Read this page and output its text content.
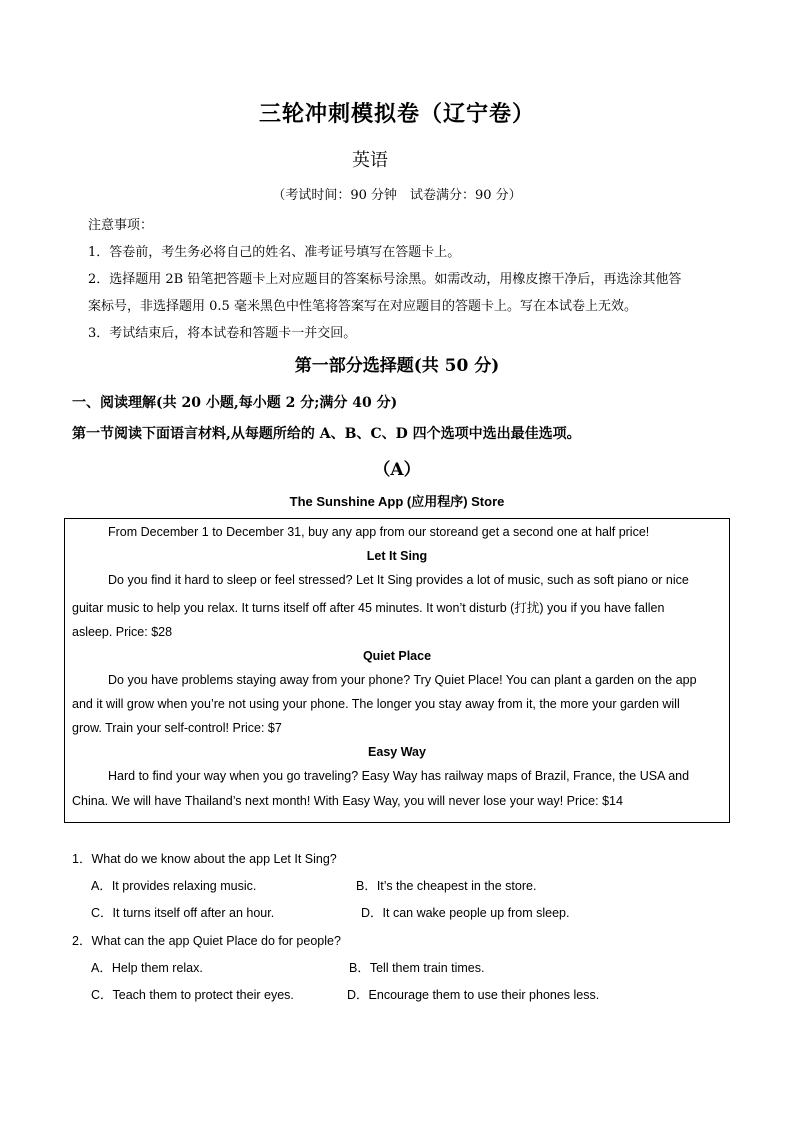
三轮冲刺模拟卷（辽宁卷）
英语
（考试时间：90 分钟　试卷满分：90 分）
注意事项：
1．答卷前，考生务必将自己的姓名、准考证号填写在答题卡上。
2．选择题用 2B 铅笔把答题卡上对应题目的答案标号涂黑。如需改动，用橡皮擦干净后，再选涂其他答
案标号，非选择题用 0.5 毫米黑色中性笔将答案写在对应题目的答题卡上。写在本试卷上无效。
3．考试结束后，将本试卷和答题卡一并交回。
第一部分选择题(共 50 分)
一、阅读理解(共 20 小题,每小题 2 分;满分 40 分)
第一节阅读下面语言材料,从每题所给的 A、B、C、D 四个选项中选出最佳选项。
（A）
The Sunshine App (应用程序) Store
From December 1 to December 31, buy any app from our storeand get a second one at half price!
Let It Sing
Do you find it hard to sleep or feel stressed? Let It Sing provides a lot of music, such as soft piano or nice
guitar music to help you relax. It turns itself off after 45 minutes. It won’t disturb (打扰) you if you have fallen
asleep. Price: $28
Quiet Place
Do you have problems staying away from your phone? Try Quiet Place! You can plant a garden on the app
and it will grow when you’re not using your phone. The longer you stay away from it, the more your garden will
grow. Train your self-control! Price: $7
Easy Way
Hard to find your way when you go traveling? Easy Way has railway maps of Brazil, France, the USA and
China. We will have Thailand’s next month! With Easy Way, you will never lose your way! Price: $14
1．What do we know about the app Let It Sing?
A．It provides relaxing music.	B．It’s the cheapest in the store.
C．It turns itself off after an hour.	D．It can wake people up from sleep.
2．What can the app Quiet Place do for people?
A．Help them relax.	B．Tell them train times.
C．Teach them to protect their eyes.	D．Encourage them to use their phones less.
